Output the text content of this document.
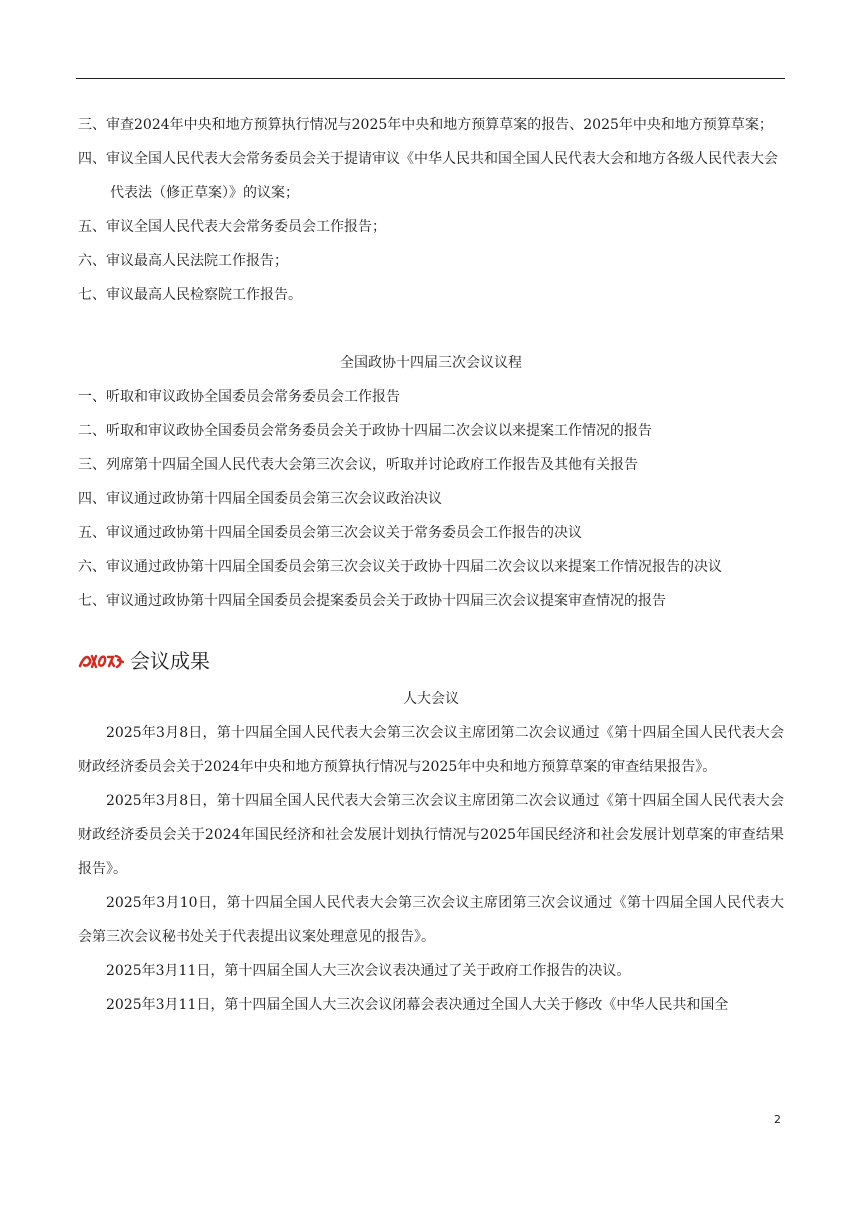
三、审查2024年中央和地方预算执行情况与2025年中央和地方预算草案的报告、2025年中央和地方预算草案；

四、审议全国人民代表大会常务委员会关于提请审议《中华人民共和国全国人民代表大会和地方各级人民代表大会代表法（修正草案）》的议案；

五、审议全国人民代表大会常务委员会工作报告；

六、审议最高人民法院工作报告；

七、审议最高人民检察院工作报告。

全国政协十四届三次会议议程

一、听取和审议政协全国委员会常务委员会工作报告

二、听取和审议政协全国委员会常务委员会关于政协十四届二次会议以来提案工作情况的报告

三、列席第十四届全国人民代表大会第三次会议，听取并讨论政府工作报告及其他有关报告

四、审议通过政协第十四届全国委员会第三次会议政治决议

五、审议通过政协第十四届全国委员会第三次会议关于常务委员会工作报告的决议

六、审议通过政协第十四届全国委员会第三次会议关于政协十四届二次会议以来提案工作情况报告的决议

七、审议通过政协第十四届全国委员会提案委员会关于政协十四届三次会议提案审查情况的报告

会议成果

人大会议

2025年3月8日，第十四届全国人民代表大会第三次会议主席团第二次会议通过《第十四届全国人民代表大会财政经济委员会关于2024年中央和地方预算执行情况与2025年中央和地方预算草案的审查结果报告》。

2025年3月8日，第十四届全国人民代表大会第三次会议主席团第二次会议通过《第十四届全国人民代表大会财政经济委员会关于2024年国民经济和社会发展计划执行情况与2025年国民经济和社会发展计划草案的审查结果报告》。

2025年3月10日，第十四届全国人民代表大会第三次会议主席团第三次会议通过《第十四届全国人民代表大会第三次会议秘书处关于代表提出议案处理意见的报告》。

2025年3月11日，第十四届全国人大三次会议表决通过了关于政府工作报告的决议。

2025年3月11日，第十四届全国人大三次会议闭幕会表决通过全国人大关于修改《中华人民共和国全

2
